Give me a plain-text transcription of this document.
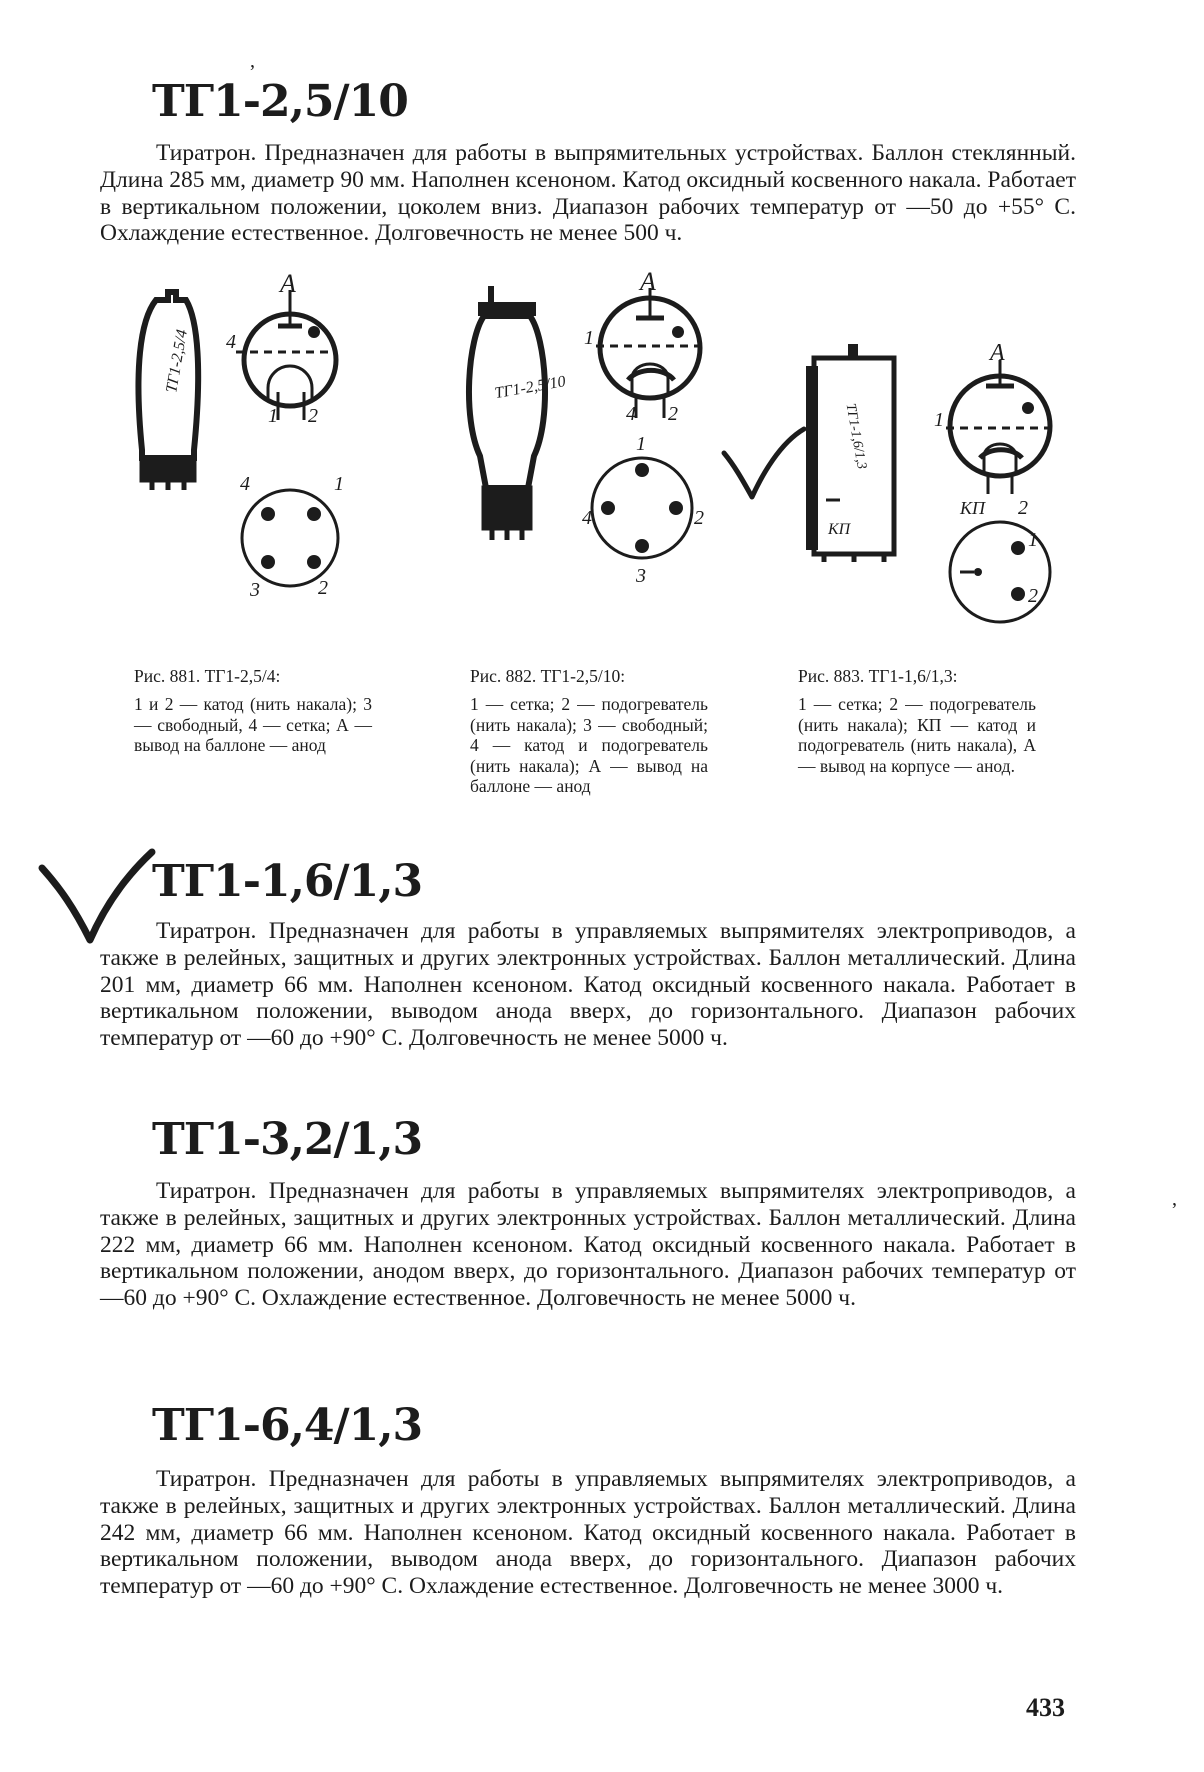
ТГ1-2,5/10

Тиратрон. Предназначен для работы в выпрямительных устройствах. Баллон стеклянный. Длина 285 мм, диаметр 90 мм. Наполнен ксеноном. Катод оксидный косвенного накала. Работает в вертикальном положении, цоколем вниз. Диапазон рабочих температур от —50 до +55° С. Охлаждение естественное. Долговечность не менее 500 ч.

ТГ1-2,5/4
А
4
1 2
1
2
3
4
ТГ1-2,5/10
А
1
4 2
1
2
3
4
ТГ1-1,6/1,3
КП
А
1
КП 2
1
2

Рис. 881. ТГ1-2,5/4:
1 и 2 — катод (нить накала); 3 — свободный, 4 — сетка; А — вывод на баллоне — анод

Рис. 882. ТГ1-2,5/10:
1 — сетка; 2 — подогреватель (нить накала); 3 — свободный; 4 — катод и подогреватель (нить накала); А — вывод на баллоне — анод

Рис. 883. ТГ1-1,6/1,3:
1 — сетка; 2 — подогреватель (нить накала); КП — катод и подогреватель (нить накала), А — вывод на корпусе — анод.

ТГ1-1,6/1,3

Тиратрон. Предназначен для работы в управляемых выпрямителях электроприводов, а также в релейных, защитных и других электронных устройствах. Баллон металлический. Длина 201 мм, диаметр 66 мм. Наполнен ксеноном. Катод оксидный косвенного накала. Работает в вертикальном положении, выводом анода вверх, до горизонтального. Диапазон рабочих температур от —60 до +90° С. Долговечность не менее 5000 ч.

ТГ1-3,2/1,3

Тиратрон. Предназначен для работы в управляемых выпрямителях электроприводов, а также в релейных, защитных и других электронных устройствах. Баллон металлический. Длина 222 мм, диаметр 66 мм. Наполнен ксеноном. Катод оксидный косвенного накала. Работает в вертикальном положении, анодом вверх, до горизонтального. Диапазон рабочих температур от —60 до +90° С. Охлаждение естественное. Долговечность не менее 5000 ч.

ТГ1-6,4/1,3

Тиратрон. Предназначен для работы в управляемых выпрямителях электроприводов, а также в релейных, защитных и других электронных устройствах. Баллон металлический. Длина 242 мм, диаметр 66 мм. Наполнен ксеноном. Катод оксидный косвенного накала. Работает в вертикальном положении, выводом анода вверх, до горизонтального. Диапазон рабочих температур от —60 до +90° С. Охлаждение естественное. Долговечность не менее 3000 ч.

,
,
433
